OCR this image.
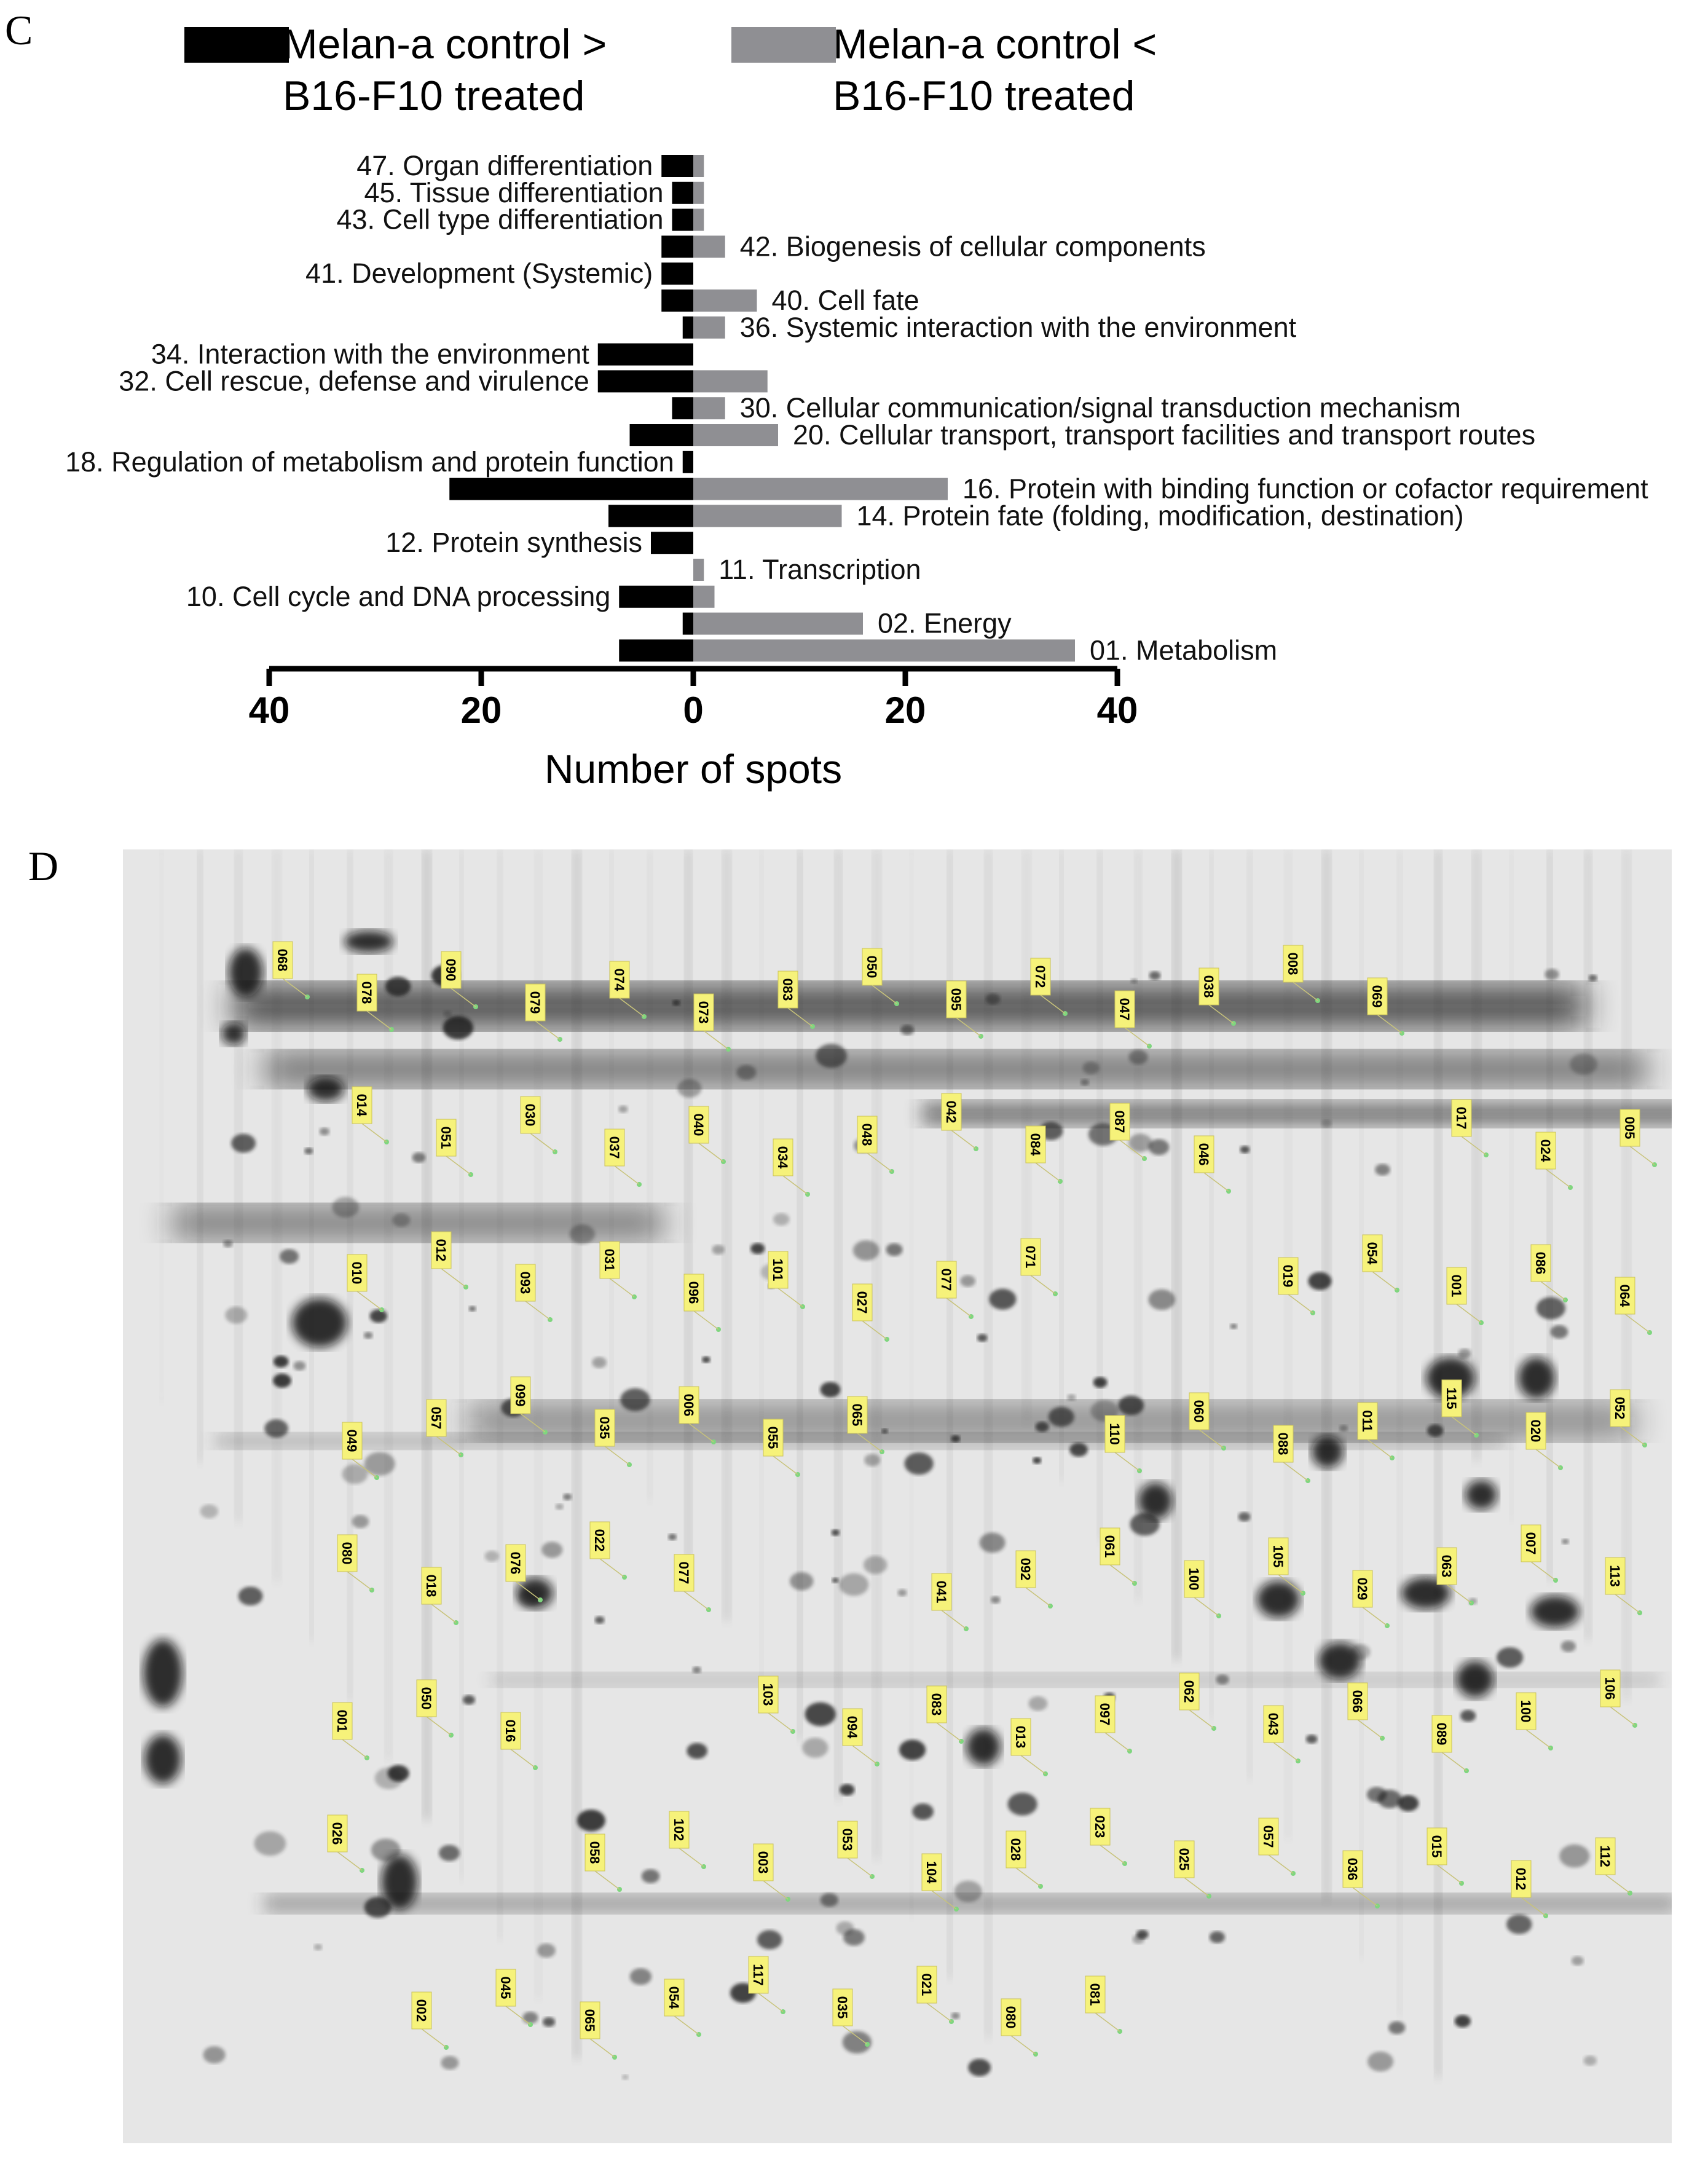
C
D
Melan-a control >
B16-F10 treated
Melan-a control <
B16-F10 treated
47. Organ differentiation
45. Tissue differentiation
43. Cell type differentiation
42. Biogenesis of cellular components
41. Development (Systemic)
40. Cell fate
36. Systemic interaction with the environment
34. Interaction with the environment
32. Cell rescue, defense and virulence
30. Cellular communication/signal transduction mechanism
20. Cellular transport, transport facilities and transport routes
18. Regulation of metabolism and protein function
16. Protein with binding function or cofactor requirement
14. Protein fate (folding, modification, destination)
12. Protein synthesis
11. Transcription
10. Cell cycle and DNA processing
02. Energy
01. Metabolism
40	20	0	20	40
Number of spots
068
078
090
079
074
073
083
050
095
072
047
038
008
069
017
024
005
014
051
030
037
040
034
048
042
084
087
046
019
054
001
086
064
010
012
093
031
096
101
027
077
071
110
060
088
011
115
020
052
049
057
099
035
006
055
065
041
092
061
100
105
029
063
007
113
080
018
076
022
077
103
094
083
013
097
062
043
066
089
100
106
001
050
016
058
102
003
053
104
028
023
025
057
036
015
012
112
026
002
045
065
054
117
035
021
080
081
